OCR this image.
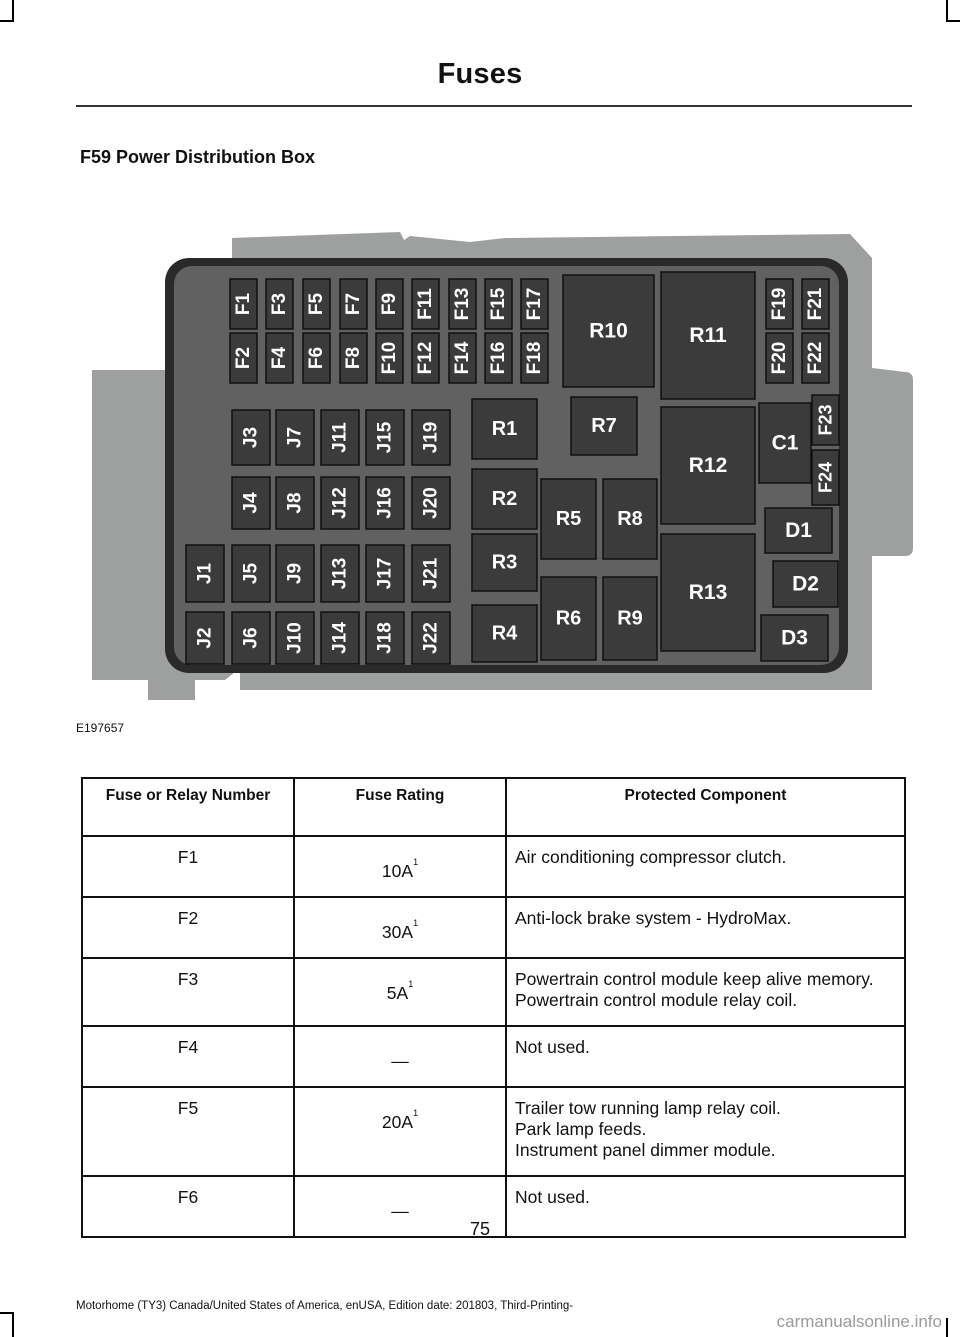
Fuses
F59 Power Distribution Box
F1
F2
F3
F4
F5
F6
F7
F8
F9
F10
F11
F12
F13
F14
F15
F16
F17
F18
F19
F20
F21
F22
F23
F24
J1
J2
J3
J4
J5
J6
J7
J8
J9
J10
J11
J12
J13
J14
J15
J16
J17
J18
J19
J20
J21
J22
R1
R2
R3
R4
R5
R6
R7
R8
R9
R10	R11
R12
R13
C1
D1
D2
D3
E197657
Fuse or Relay Number	Fuse Rating	Protected Component
F1	$10A^1$	Air conditioning compressor clutch.

F2	$30A^1$	Anti-lock brake system - HydroMax.

F3	$5A^1$	Powertrain control module keep alive memory.
Powertrain control module relay coil.

F4	—	Not used.

F5	$20A^1$	Trailer tow running lamp relay coil.
Park lamp feeds.
Instrument panel dimmer module.

F6	—	Not used.
75
Motorhome (TY3) Canada/United States of America, enUSA, Edition date: 201803, Third-Printing-
carmanualsonline.info
